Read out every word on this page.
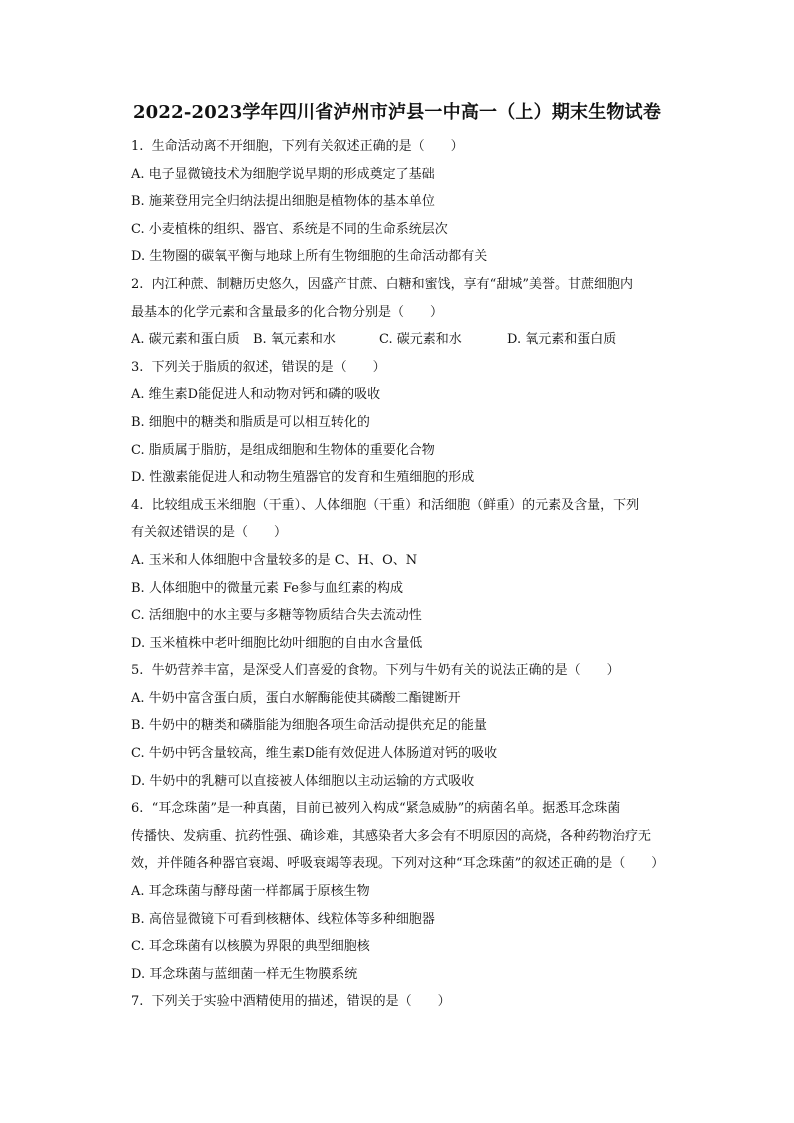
2022-2023学年四川省泸州市泸县一中高一（上）期末生物试卷
1. 生命活动离不开细胞，下列有关叙述正确的是（　　）
A. 电子显微镜技术为细胞学说早期的形成奠定了基础
B. 施莱登用完全归纳法提出细胞是植物体的基本单位
C. 小麦植株的组织、器官、系统是不同的生命系统层次
D. 生物圈的碳氧平衡与地球上所有生物细胞的生命活动都有关
2. 内江种蔗、制糖历史悠久，因盛产甘蔗、白糖和蜜饯，享有“甜城”美誉。甘蔗细胞内
最基本的化学元素和含量最多的化合物分别是（　　）
A. 碳元素和蛋白质 B. 氧元素和水	C. 碳元素和水	D. 氧元素和蛋白质
3. 下列关于脂质的叙述，错误的是（　　）
A. 维生素D能促进人和动物对钙和磷的吸收
B. 细胞中的糖类和脂质是可以相互转化的
C. 脂质属于脂肪，是组成细胞和生物体的重要化合物
D. 性激素能促进人和动物生殖器官的发育和生殖细胞的形成
4. 比较组成玉米细胞（干重）、人体细胞（干重）和活细胞（鲜重）的元素及含量，下列
有关叙述错误的是（　　）
A. 玉米和人体细胞中含量较多的是 C、H、O、N
B. 人体细胞中的微量元素 Fe参与血红素的构成
C. 活细胞中的水主要与多糖等物质结合失去流动性
D. 玉米植株中老叶细胞比幼叶细胞的自由水含量低
5. 牛奶营养丰富，是深受人们喜爱的食物。下列与牛奶有关的说法正确的是（　　）
A. 牛奶中富含蛋白质，蛋白水解酶能使其磷酸二酯键断开
B. 牛奶中的糖类和磷脂能为细胞各项生命活动提供充足的能量
C. 牛奶中钙含量较高，维生素D能有效促进人体肠道对钙的吸收
D. 牛奶中的乳糖可以直接被人体细胞以主动运输的方式吸收
6. “耳念珠菌”是一种真菌，目前已被列入构成“紧急威胁”的病菌名单。据悉耳念珠菌
传播快、发病重、抗药性强、确诊难，其感染者大多会有不明原因的高烧，各种药物治疗无
效，并伴随各种器官衰竭、呼吸衰竭等表现。下列对这种“耳念珠菌”的叙述正确的是（　　）
A. 耳念珠菌与酵母菌一样都属于原核生物
B. 高倍显微镜下可看到核糖体、线粒体等多种细胞器
C. 耳念珠菌有以核膜为界限的典型细胞核
D. 耳念珠菌与蓝细菌一样无生物膜系统
7. 下列关于实验中酒精使用的描述，错误的是（　　）
